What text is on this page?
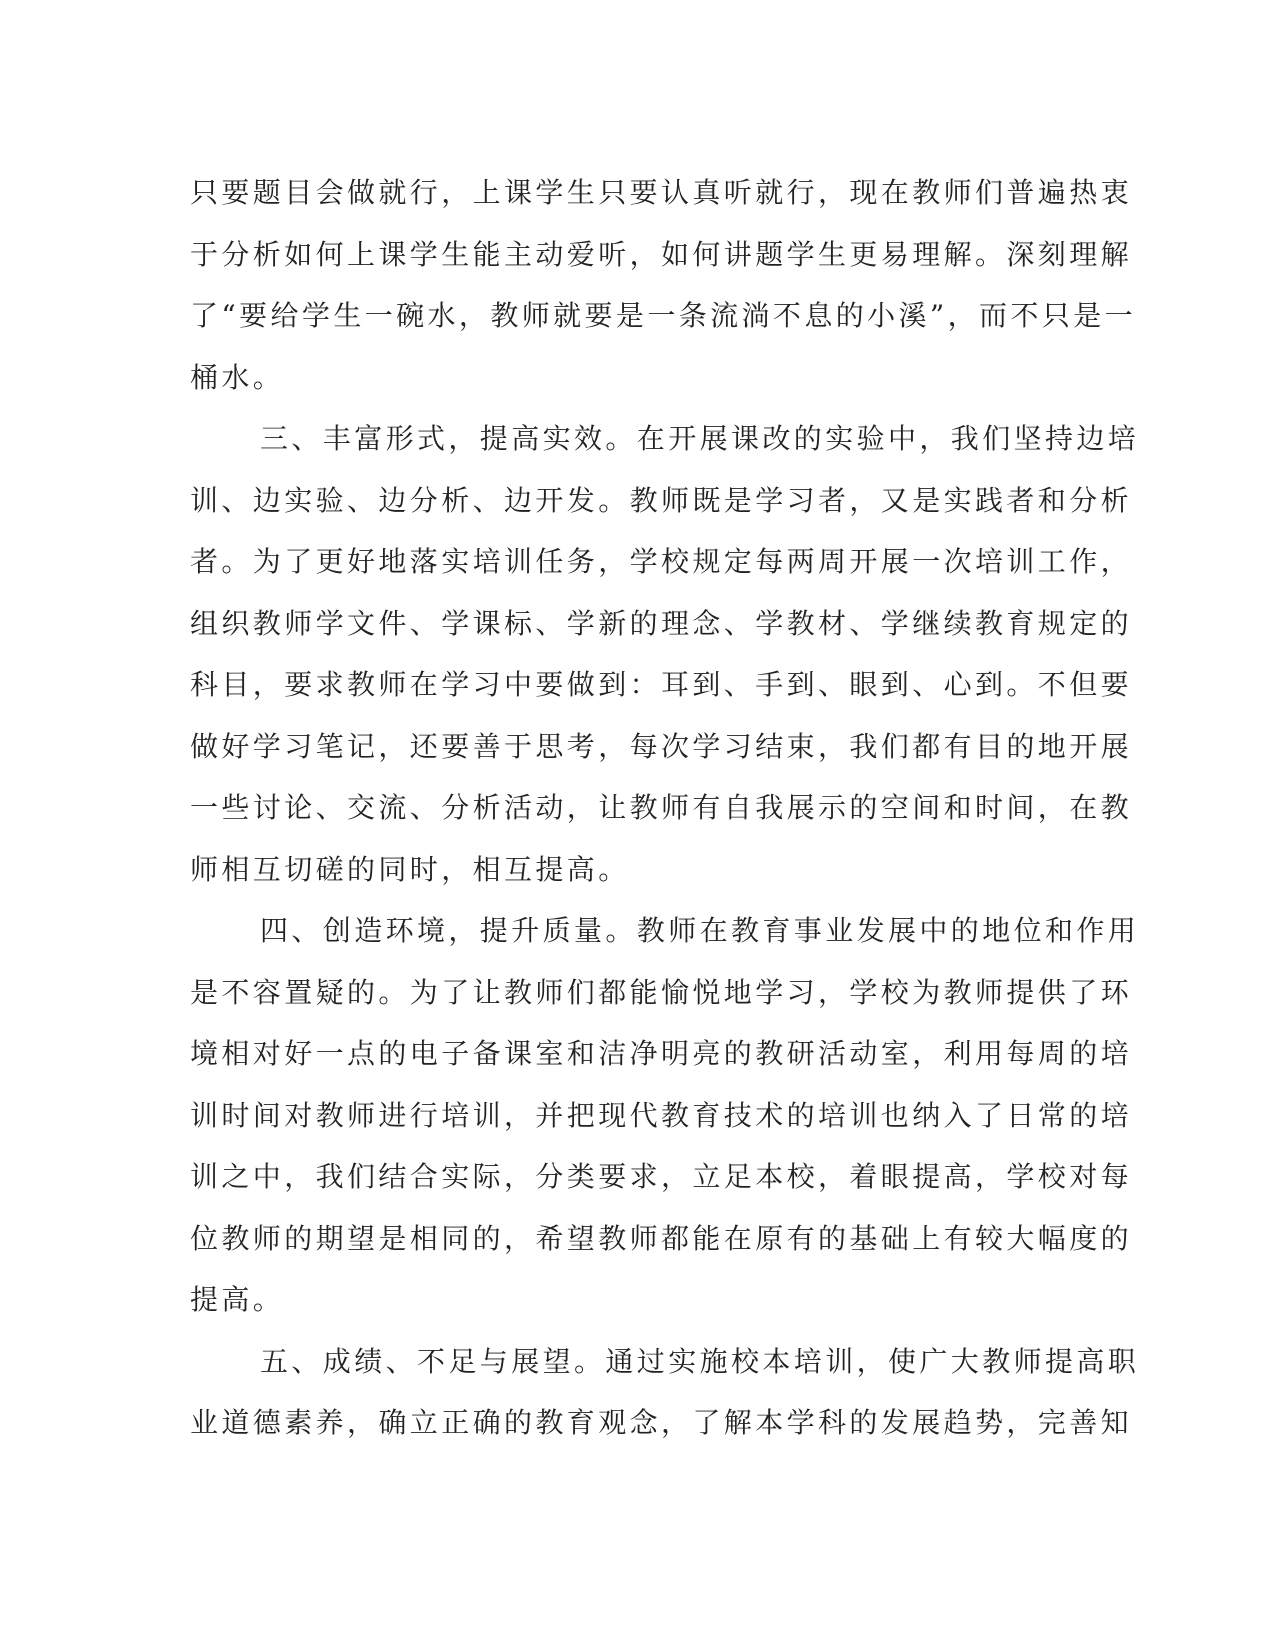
只要题目会做就行，上课学生只要认真听就行，现在教师们普遍热衷
于分析如何上课学生能主动爱听，如何讲题学生更易理解。深刻理解
了“要给学生一碗水，教师就要是一条流淌不息的小溪”，而不只是一
桶水。
三、丰富形式，提高实效。在开展课改的实验中，我们坚持边培
训、边实验、边分析、边开发。教师既是学习者，又是实践者和分析
者。为了更好地落实培训任务，学校规定每两周开展一次培训工作，
组织教师学文件、学课标、学新的理念、学教材、学继续教育规定的
科目，要求教师在学习中要做到：耳到、手到、眼到、心到。不但要
做好学习笔记，还要善于思考，每次学习结束，我们都有目的地开展
一些讨论、交流、分析活动，让教师有自我展示的空间和时间，在教
师相互切磋的同时，相互提高。
四、创造环境，提升质量。教师在教育事业发展中的地位和作用
是不容置疑的。为了让教师们都能愉悦地学习，学校为教师提供了环
境相对好一点的电子备课室和洁净明亮的教研活动室，利用每周的培
训时间对教师进行培训，并把现代教育技术的培训也纳入了日常的培
训之中，我们结合实际，分类要求，立足本校，着眼提高，学校对每
位教师的期望是相同的，希望教师都能在原有的基础上有较大幅度的
提高。
五、成绩、不足与展望。通过实施校本培训，使广大教师提高职
业道德素养，确立正确的教育观念，了解本学科的发展趋势，完善知
